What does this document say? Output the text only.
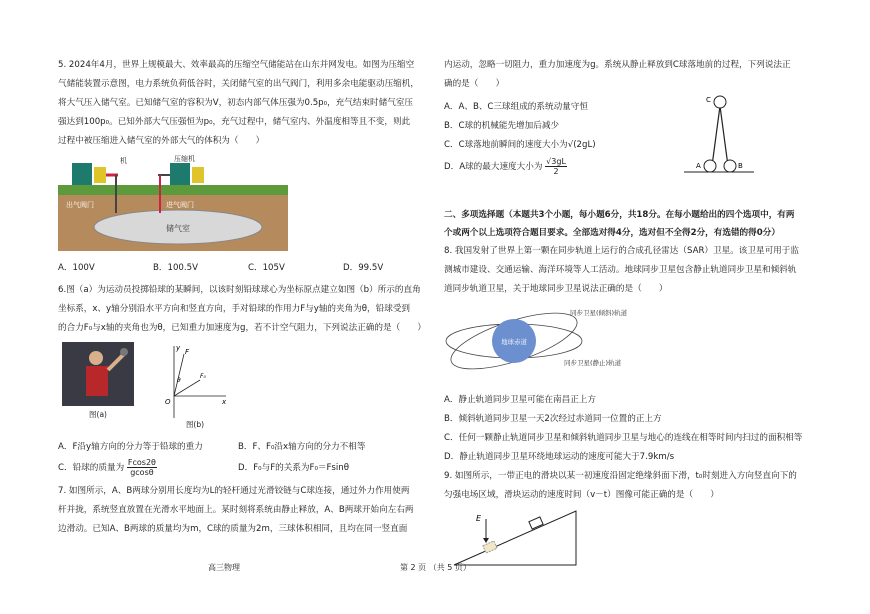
5. 2024年4月，世界上规模最大、效率最高的压缩空气储能站在山东并网发电。如图为压缩空

气储能装置示意图，电力系统负荷低谷时，关闭储气室的出气阀门，利用多余电能驱动压缩机，

将大气压入储气室。已知储气室的容积为V，初态内部气体压强为0.5p₀，充气结束时储气室压

强达到100p₀。已知外部大气压强恒为p₀，充气过程中，储气室内、外温度相等且不变，则此

过程中被压缩进入储气室的外部大气的体积为（　　）

储气室
机	压缩机
出气阀门	进气阀门
A．100V	B．100.5V	C．105V	D．99.5V

6.图（a）为运动员投掷铅球的某瞬间，以该时刻铅球球心为坐标原点建立如图（b）所示的直角

坐标系，x、y轴分别沿水平方向和竖直方向，手对铅球的作用力F与y轴的夹角为θ，铅球受到

的合力F₀与x轴的夹角也为θ，已知重力加速度为g，若不计空气阻力，下列说法正确的是（　　）

图(a)
y
x
F
F₀
O
θ
图(b)
A．F沿y轴方向的分力等于铅球的重力	B．F、F₀沿x轴方向的分力不相等
C．铅球的质量为 $\frac{Fcos2\theta}{gcos\theta}$	D．F₀与F的关系为F₀＝Fsinθ

7. 如图所示，A、B两球分别用长度均为L的轻杆通过光滑铰链与C球连接，通过外力作用使两

杆并拢，系统竖直放置在光滑水平地面上。某时刻将系统由静止释放，A、B两球开始向左右两

边滑动。已知A、B两球的质量均为m，C球的质量为2m，三球体积相同，且均在同一竖直面

内运动，忽略一切阻力，重力加速度为g。系统从静止释放到C球落地前的过程，下列说法正

确的是（　　）

A．A、B、C三球组成的系统动量守恒

B．C球的机械能先增加后减少

C．C球落地前瞬间的速度大小为√(2gL)

D．A球的最大速度大小为 $\frac{√3gL}{2}$

C
A	B

二、多项选择题（本题共3个小题，每小题6分，共18分。在每小题给出的四个选项中，有两

个或两个以上选项符合题目要求。全部选对得4分，选对但不全得2分，有选错的得0分）

8. 我国发射了世界上第一颗在同步轨道上运行的合成孔径雷达（SAR）卫星。该卫星可用于监

测城市建设、交通运输、海洋环境等人工活动。地球同步卫星包含静止轨道同步卫星和倾斜轨

道同步轨道卫星，关于地球同步卫星说法正确的是（　　）

地球赤道
同步卫星(倾斜)轨道
同步卫星(静止)轨道

A．静止轨道同步卫星可能在南昌正上方

B．倾斜轨道同步卫星一天2次经过赤道同一位置的正上方

C．任何一颗静止轨道同步卫星和倾斜轨道同步卫星与地心的连线在相等时间内扫过的面积相等

D．静止轨道同步卫星环绕地球运动的速度可能大于7.9km/s

9. 如图所示，一带正电的滑块以某一初速度沿固定绝缘斜面下滑，t₀时刻进入方向竖直向下的

匀强电场区域，滑块运动的速度时间（v－t）图像可能正确的是（　　）

E
高三物理	第 2 页 （共 5 页）
